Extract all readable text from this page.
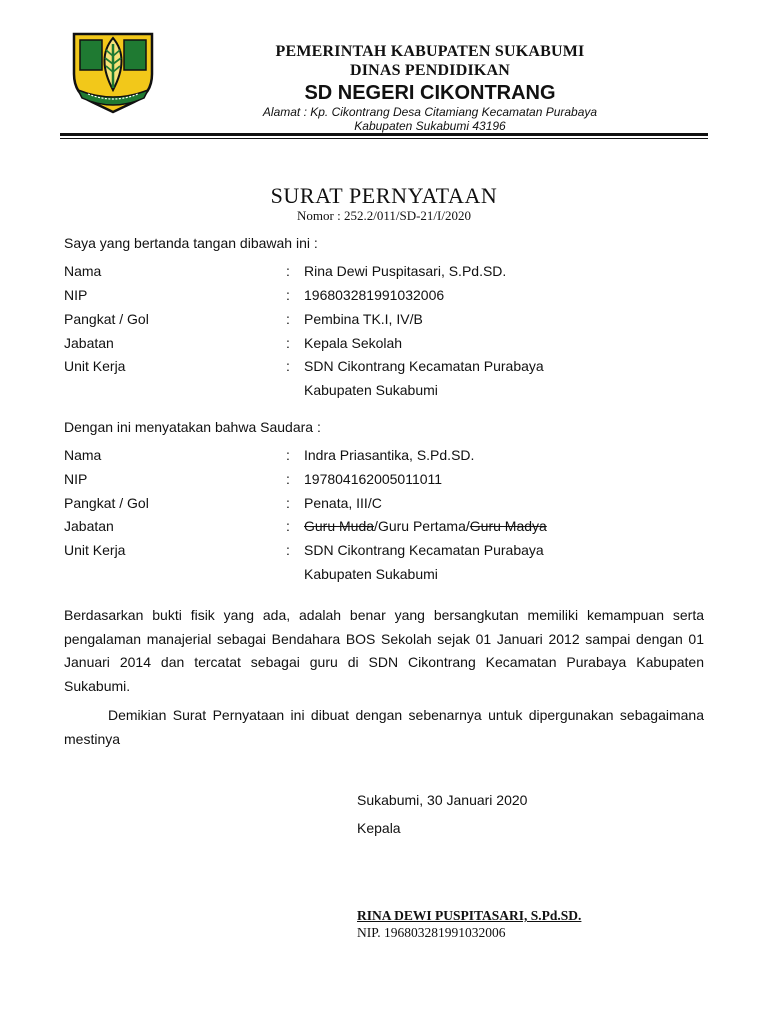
PEMERINTAH KABUPATEN SUKABUMI
DINAS PENDIDIKAN
SD NEGERI CIKONTRANG
Alamat : Kp. Cikontrang Desa Citamiang Kecamatan Purabaya
Kabupaten Sukabumi 43196
SURAT PERNYATAAN
Nomor : 252.2/011/SD-21/I/2020
Saya yang bertanda tangan dibawah ini :
Nama	: Rina Dewi Puspitasari, S.Pd.SD.
NIP	: 196803281991032006
Pangkat / Gol	: Pembina TK.I, IV/B
Jabatan	: Kepala Sekolah
Unit Kerja	: SDN Cikontrang Kecamatan Purabaya
Kabupaten Sukabumi
Dengan ini menyatakan bahwa Saudara :
Nama	: Indra Priasantika, S.Pd.SD.
NIP	: 197804162005011011
Pangkat / Gol	: Penata, III/C
Jabatan	: Guru Muda/Guru Pertama/Guru Madya
Unit Kerja	: SDN Cikontrang Kecamatan Purabaya
Kabupaten Sukabumi
Berdasarkan bukti fisik yang ada, adalah benar yang bersangkutan memiliki kemampuan serta pengalaman manajerial sebagai Bendahara BOS Sekolah sejak 01 Januari 2012 sampai dengan 01 Januari 2014 dan tercatat sebagai guru di SDN Cikontrang Kecamatan Purabaya Kabupaten Sukabumi.
Demikian Surat Pernyataan ini dibuat dengan sebenarnya untuk dipergunakan sebagaimana mestinya
Sukabumi, 30 Januari 2020
Kepala
RINA DEWI PUSPITASARI, S.Pd.SD.
NIP. 196803281991032006
